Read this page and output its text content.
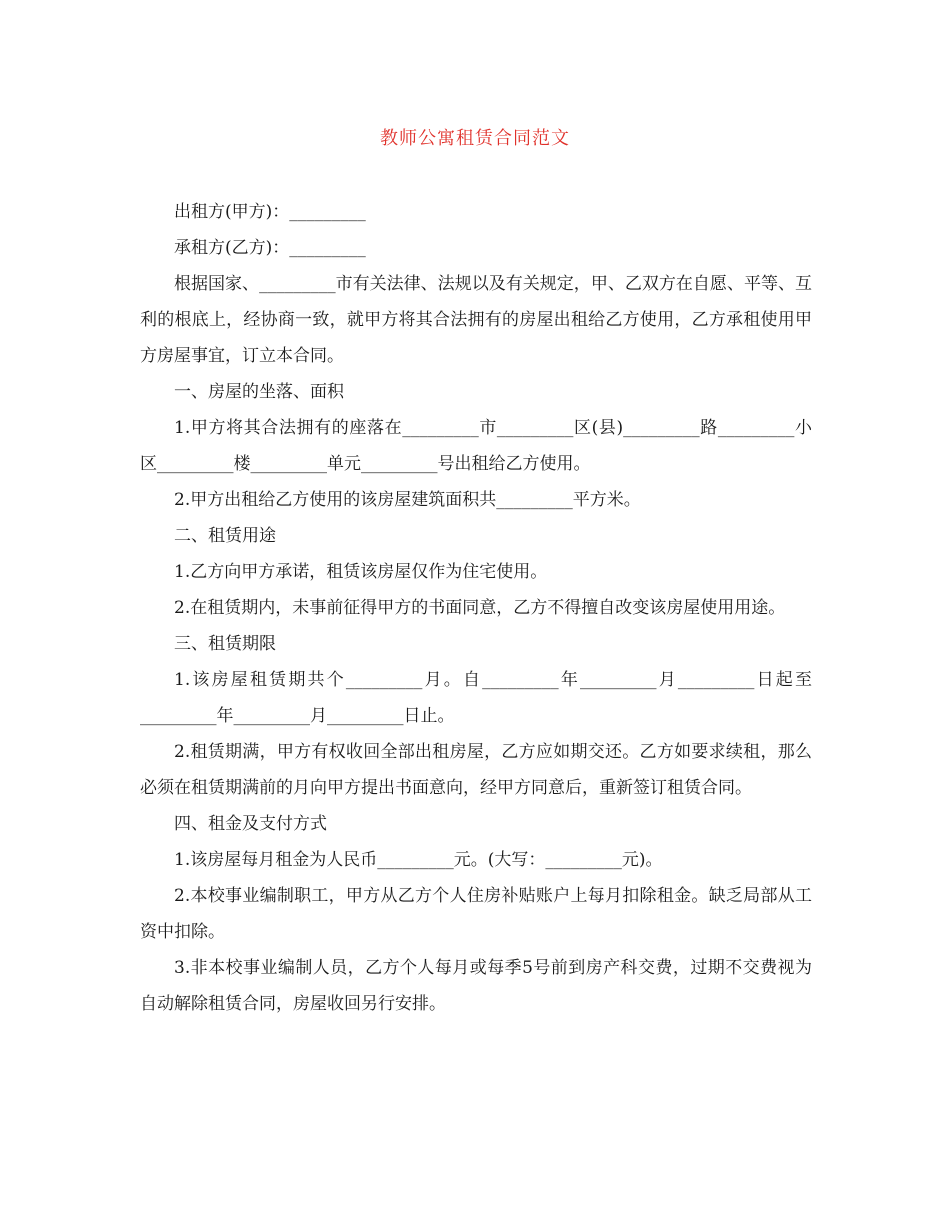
教师公寓租赁合同范文

出租方(甲方)：_________

承租方(乙方)：_________

根据国家、_________市有关法律、法规以及有关规定，甲、乙双方在自愿、平等、互利的根底上，经协商一致，就甲方将其合法拥有的房屋出租给乙方使用，乙方承租使用甲方房屋事宜，订立本合同。

一、房屋的坐落、面积

1.甲方将其合法拥有的座落在_________市_________区(县)_________路_________小区_________楼_________单元_________号出租给乙方使用。

2.甲方出租给乙方使用的该房屋建筑面积共_________平方米。

二、租赁用途

1.乙方向甲方承诺，租赁该房屋仅作为住宅使用。

2.在租赁期内，未事前征得甲方的书面同意，乙方不得擅自改变该房屋使用用途。

三、租赁期限

1.该房屋租赁期共个_________月。自_________年_________月_________日起至_________年_________月_________日止。

2.租赁期满，甲方有权收回全部出租房屋，乙方应如期交还。乙方如要求续租，那么必须在租赁期满前的月向甲方提出书面意向，经甲方同意后，重新签订租赁合同。

四、租金及支付方式

1.该房屋每月租金为人民币_________元。(大写：_________元)。

2.本校事业编制职工，甲方从乙方个人住房补贴账户上每月扣除租金。缺乏局部从工资中扣除。

3.非本校事业编制人员，乙方个人每月或每季5号前到房产科交费，过期不交费视为自动解除租赁合同，房屋收回另行安排。
